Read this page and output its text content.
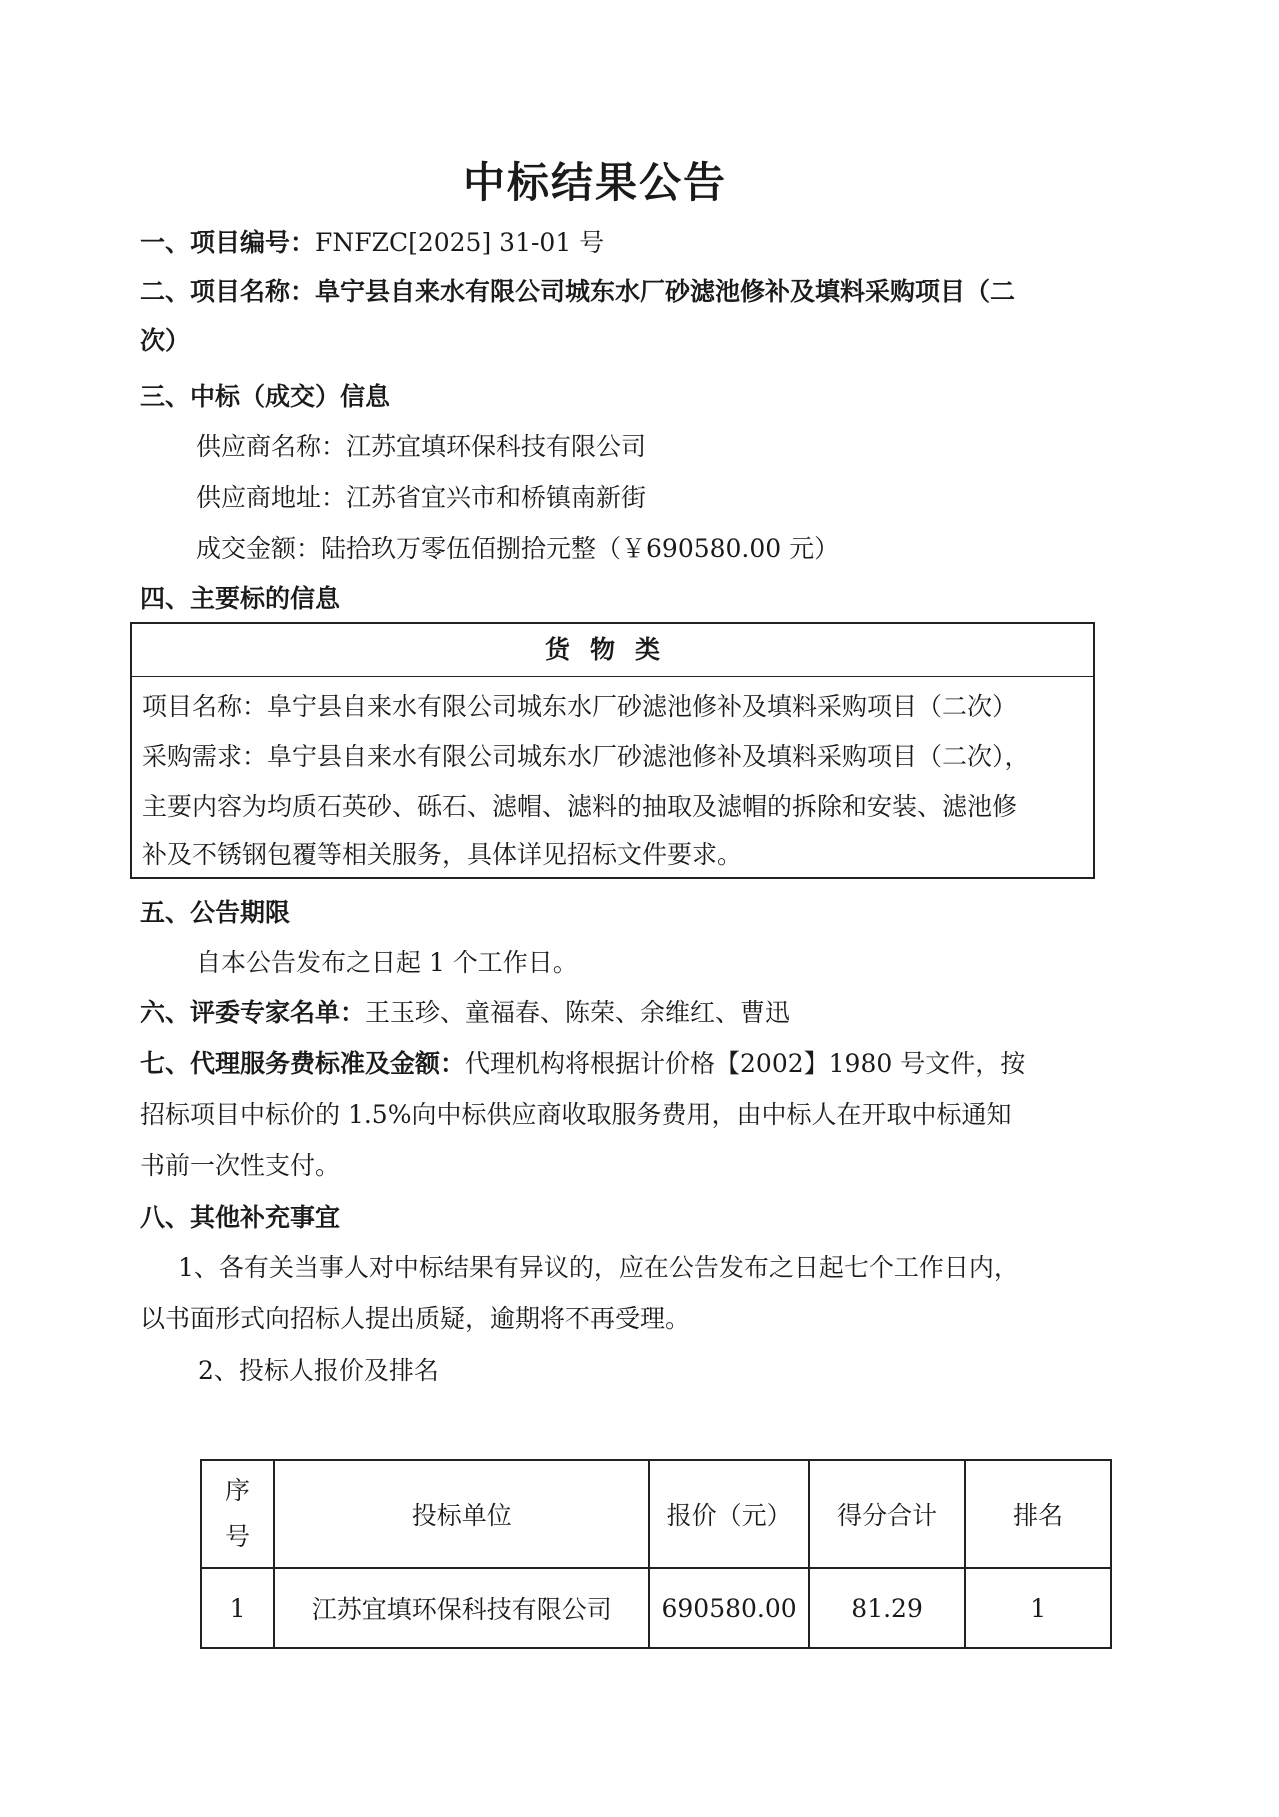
中标结果公告
一、项目编号：FNFZC[2025] 31-01 号
二、项目名称：阜宁县自来水有限公司城东水厂砂滤池修补及填料采购项目（二
次）
三、中标（成交）信息
供应商名称：江苏宜填环保科技有限公司
供应商地址：江苏省宜兴市和桥镇南新街
成交金额：陆拾玖万零伍佰捌拾元整（￥690580.00 元）
四、主要标的信息
货物类
项目名称：阜宁县自来水有限公司城东水厂砂滤池修补及填料采购项目（二次）
采购需求：阜宁县自来水有限公司城东水厂砂滤池修补及填料采购项目（二次），
主要内容为均质石英砂、砾石、滤帽、滤料的抽取及滤帽的拆除和安装、滤池修
补及不锈钢包覆等相关服务，具体详见招标文件要求。
五、公告期限
自本公告发布之日起 1 个工作日。
六、评委专家名单：王玉珍、童福春、陈荣、余维红、曹迅
七、代理服务费标准及金额：代理机构将根据计价格【2002】1980 号文件，按
招标项目中标价的 1.5%向中标供应商收取服务费用，由中标人在开取中标通知
书前一次性支付。
八、其他补充事宜
1、各有关当事人对中标结果有异议的，应在公告发布之日起七个工作日内，
以书面形式向招标人提出质疑，逾期将不再受理。
2、投标人报价及排名
序
号	投标单位	报价（元）	得分合计	排名
1	江苏宜填环保科技有限公司	690580.00	81.29	1
